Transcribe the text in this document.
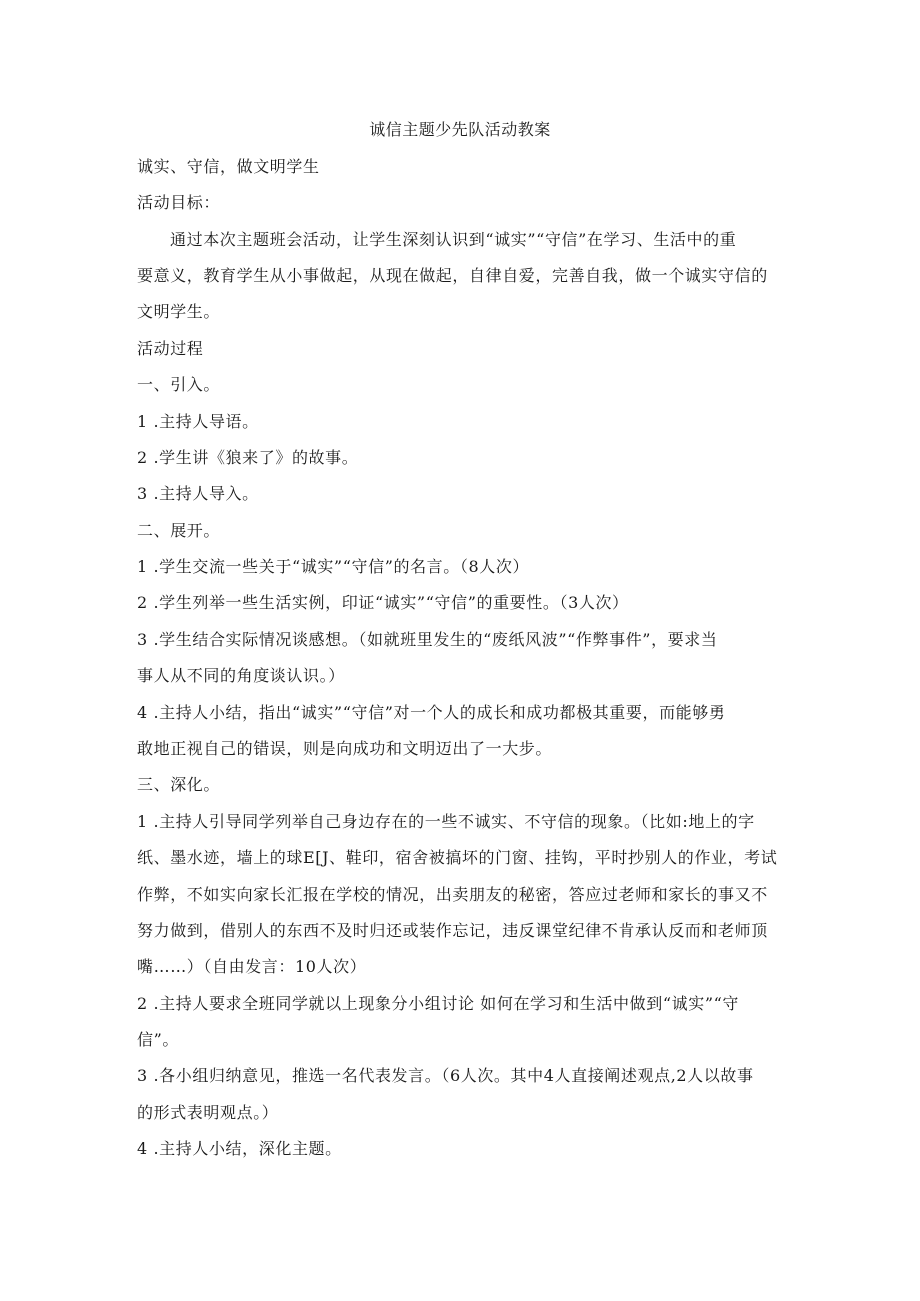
诚信主题少先队活动教案
诚实、守信，做文明学生
活动目标：
通过本次主题班会活动，让学生深刻认识到“诚实”“守信”在学习、生活中的重
要意义，教育学生从小事做起，从现在做起，自律自爱，完善自我，做一个诚实守信的
文明学生。
活动过程
一、引入。
1 .主持人导语。
2 .学生讲《狼来了》的故事。
3 .主持人导入。
二、展开。
1 .学生交流一些关于“诚实”“守信”的名言。（8人次）
2 .学生列举一些生活实例，印证“诚实”“守信”的重要性。（3人次）
3 .学生结合实际情况谈感想。（如就班里发生的“废纸风波”“作弊事件”，要求当
事人从不同的角度谈认识。）
4 .主持人小结，指出“诚实”“守信”对一个人的成长和成功都极其重要，而能够勇
敢地正视自己的错误，则是向成功和文明迈出了一大步。
三、深化。
1 .主持人引导同学列举自己身边存在的一些不诚实、不守信的现象。（比如:地上的字
纸、墨水迹，墙上的球E[J、鞋印，宿舍被搞坏的门窗、挂钩，平时抄别人的作业，考试
作弊，不如实向家长汇报在学校的情况，出卖朋友的秘密，答应过老师和家长的事又不
努力做到，借别人的东西不及时归还或装作忘记，违反课堂纪律不肯承认反而和老师顶
嘴……）（自由发言：10人次）
2 .主持人要求全班同学就以上现象分小组讨论 如何在学习和生活中做到“诚实”“守
信”。
3 .各小组归纳意见，推选一名代表发言。（6人次。其中4人直接阐述观点,2人以故事
的形式表明观点。）
4 .主持人小结，深化主题。
